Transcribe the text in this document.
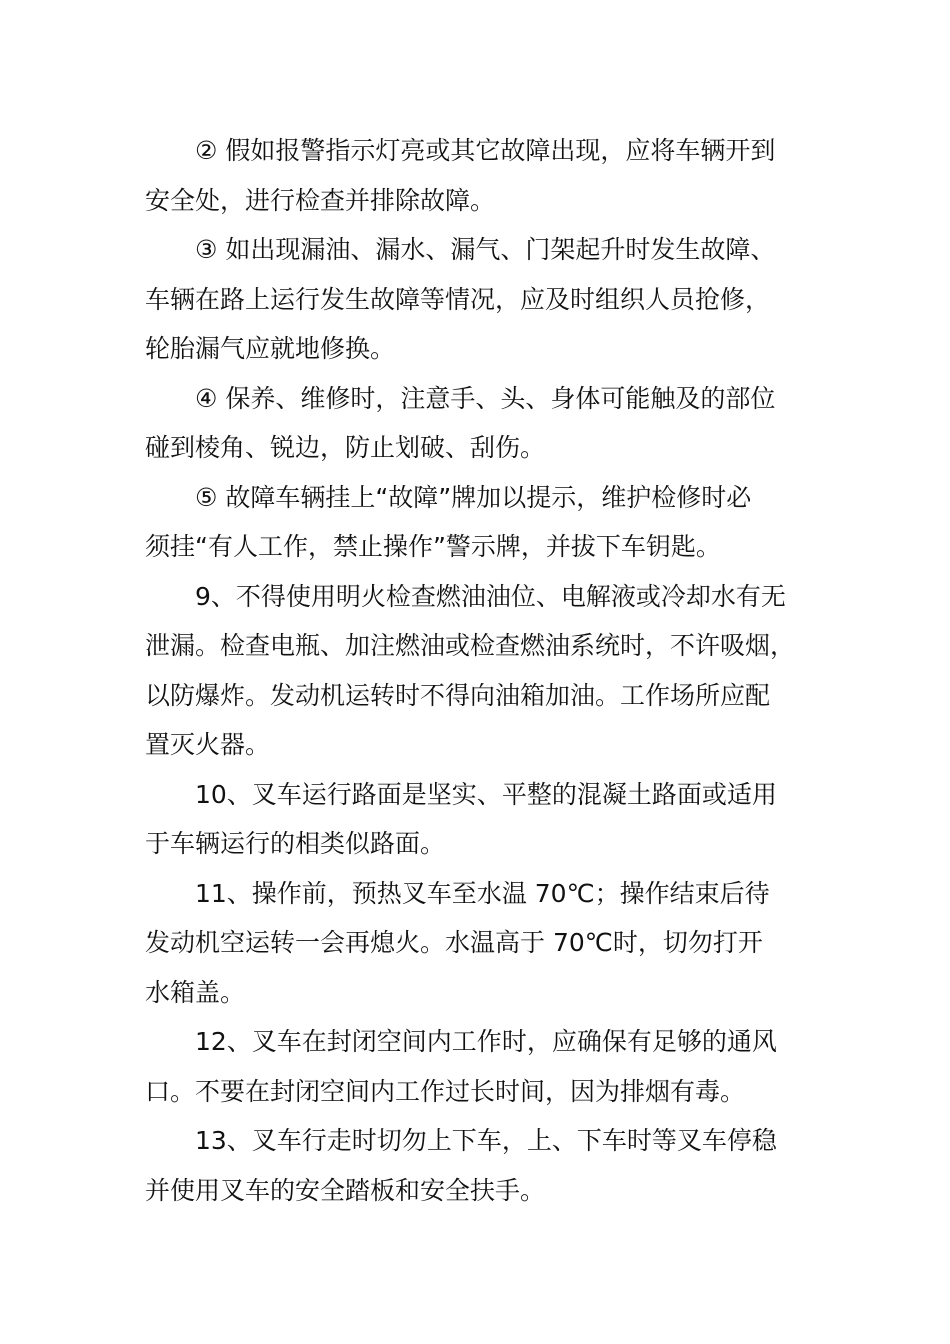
② 假如报警指示灯亮或其它故障出现，应将车辆开到
安全处，进行检查并排除故障。

③ 如出现漏油、漏水、漏气、门架起升时发生故障、
车辆在路上运行发生故障等情况，应及时组织人员抢修，
轮胎漏气应就地修换。

④ 保养、维修时，注意手、头、身体可能触及的部位
碰到棱角、锐边，防止划破、刮伤。

⑤ 故障车辆挂上“故障”牌加以提示，维护检修时必
须挂“有人工作，禁止操作”警示牌，并拔下车钥匙。

9、不得使用明火检查燃油油位、电解液或冷却水有无
泄漏。检查电瓶、加注燃油或检查燃油系统时，不许吸烟，
以防爆炸。发动机运转时不得向油箱加油。工作场所应配
置灭火器。

10、叉车运行路面是坚实、平整的混凝土路面或适用
于车辆运行的相类似路面。

11、操作前，预热叉车至水温 70℃；操作结束后待
发动机空运转一会再熄火。水温高于 70℃时，切勿打开
水箱盖。

12、叉车在封闭空间内工作时，应确保有足够的通风
口。不要在封闭空间内工作过长时间，因为排烟有毒。

13、叉车行走时切勿上下车，上、下车时等叉车停稳
并使用叉车的安全踏板和安全扶手。
